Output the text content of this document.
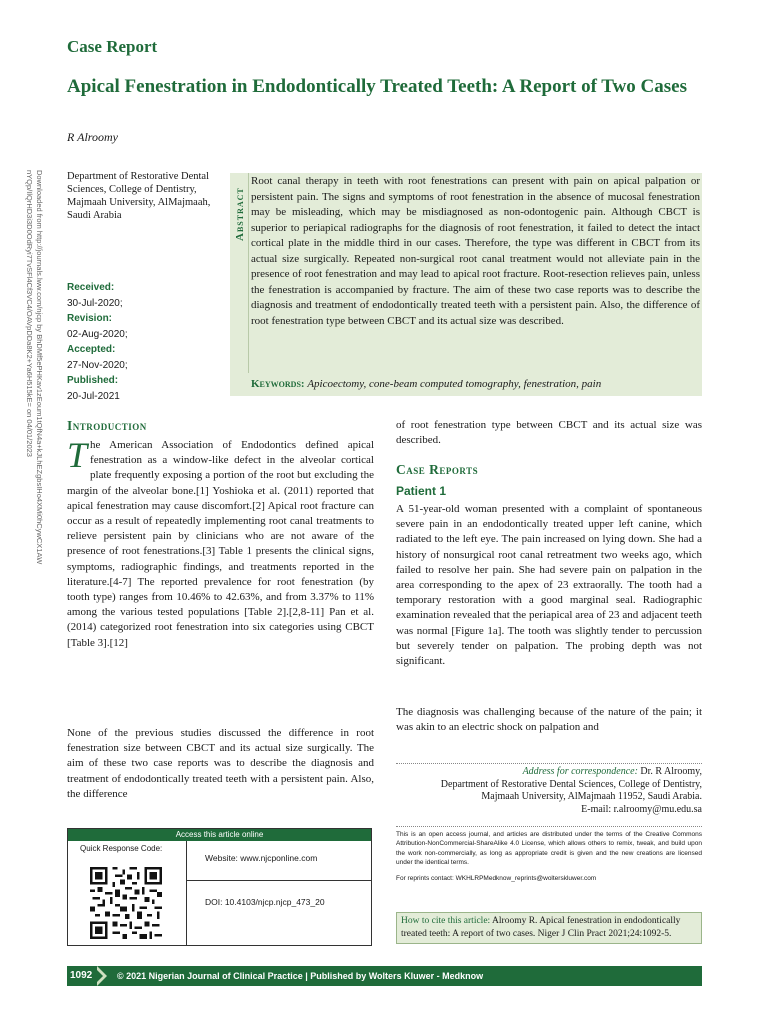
Case Report
Apical Fenestration in Endodontically Treated Teeth: A Report of Two Cases
R Alroomy
Downloaded from http://journals.lww.com/njcp by BhDMf5ePHKav1zEoum1tQfN4a+kJLhEZgbsIHo4XMi0hCywCX1AW
nYQp/IlQrHD3i3D0OdRyi7TvSFl4Cf3VC4/OAVpDDa8K2+Ya6H515kE= on 04/01/2023	Department of Restorative Dental Sciences, College of Dentistry, Majmaah University, AlMajmaah, Saudi Arabia
Received:
30-Jul-2020;
Revision:
02-Aug-2020;
Accepted:
27-Nov-2020;
Published:
20-Jul-2021
Abstract
Root canal therapy in teeth with root fenestrations can present with pain on apical palpation or persistent pain. The signs and symptoms of root fenestration in the absence of mucosal fenestration may be misleading, which may be misdiagnosed as non-odontogenic pain. Although CBCT is superior to periapical radiographs for the diagnosis of root fenestration, it failed to detect the intact cortical plate in the middle third in our cases. Therefore, the type was different in CBCT from its actual size surgically. Repeated non-surgical root canal treatment would not alleviate pain in the presence of root fenestration and may lead to apical root fracture. Root-resection relieves pain, unless the fenestration is accompanied by fracture. The aim of these two case reports was to describe the diagnosis and treatment of endodontically treated teeth with a persistent pain. Also, the difference of root fenestration type between CBCT and its actual size was described.
Keywords: Apicoectomy, cone-beam computed tomography, fenestration, pain
Introduction
The American Association of Endodontics defined apical fenestration as a window-like defect in the alveolar cortical plate frequently exposing a portion of the root but excluding the margin of the alveolar bone.[1] Yoshioka et al. (2011) reported that apical fenestration may cause discomfort.[2] Apical root fracture can occur as a result of repeatedly implementing root canal treatments to relieve persistent pain by clinicians who are not aware of the presence of root fenestrations.[3] Table 1 presents the clinical signs, symptoms, radiographic findings, and treatments reported in the literature.[4-7] The reported prevalence for root fenestration (by tooth type) ranges from 10.46% to 42.63%, and from 3.37% to 11% among the various tested populations [Table 2].[2,8-11] Pan et al. (2014) categorized root fenestration into six categories using CBCT [Table 3].[12]
None of the previous studies discussed the difference in root fenestration size between CBCT and its actual size surgically. The aim of these two case reports was to describe the diagnosis and treatment of endodontically treated teeth with a persistent pain. Also, the difference
of root fenestration type between CBCT and its actual size was described.
Case Reports
Patient 1
A 51-year-old woman presented with a complaint of spontaneous severe pain in an endodontically treated upper left canine, which radiated to the left eye. The pain increased on lying down. She had a history of nonsurgical root canal retreatment two weeks ago, which failed to resolve her pain. She had severe pain on palpation in the area corresponding to the apex of 23 extraorally. The tooth had a temporary restoration with a good marginal seal. Radiographic examination revealed that the periapical area of 23 and adjacent teeth was normal [Figure 1a]. The tooth was slightly tender to percussion but severely tender on palpation. The probing depth was not significant.
The diagnosis was challenging because of the nature of the pain; it was akin to an electric shock on palpation and
Address for correspondence: Dr. R Alroomy,
Department of Restorative Dental Sciences, College of Dentistry,
Majmaah University, AlMajmaah 11952, Saudi Arabia.
E-mail: r.alroomy@mu.edu.sa
This is an open access journal, and articles are distributed under the terms of the Creative Commons Attribution-NonCommercial-ShareAlike 4.0 License, which allows others to remix, tweak, and build upon the work non-commercially, as long as appropriate credit is given and the new creations are licensed under the identical terms.
For reprints contact: WKHLRPMedknow_reprints@wolterskluwer.com
How to cite this article: Alroomy R. Apical fenestration in endodontically treated teeth: A report of two cases. Niger J Clin Pract 2021;24:1092-5.
Access this article online
Quick Response Code:
Website: www.njcponline.com
DOI: 10.4103/njcp.njcp_473_20
1092	© 2021 Nigerian Journal of Clinical Practice | Published by Wolters Kluwer - Medknow
